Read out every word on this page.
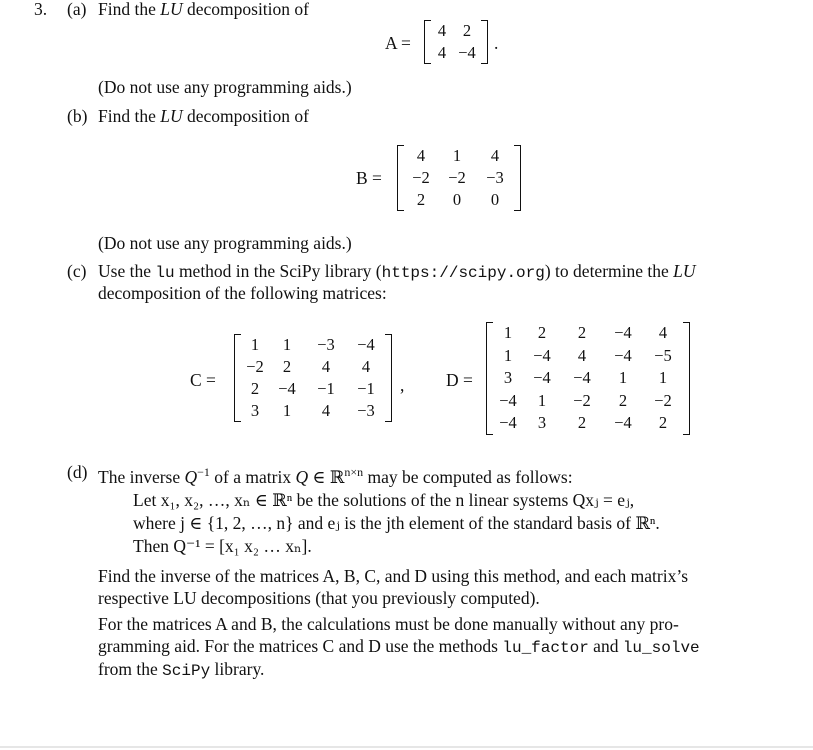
3. (a) Find the LU decomposition of
A =
4	2
4 −4 .
(Do not use any programming aids.)
(b) Find the LU decomposition of
B =
4	1	4
−2	−2	−3
2	0	0
(Do not use any programming aids.)
(c) Use the lu method in the SciPy library (https://scipy.org) to determine the LU
decomposition of the following matrices:
C =
1	1	−3	−4
−2	2	4	4
2	−4	−1	−1
3	1	4	−3
, D =
1	2	2	−4	4
1	−4	4	−4	−5
3	−4	−4	1	1
−4	1	−2	2	−2
−4	3	2	−4	2
(d) The inverse $Q^{-1}$ of a matrix Q ∈ ℝ$^{n\times n}$ may be computed as follows:
Let x₁, x₂, …, xₙ ∈ ℝⁿ be the solutions of the n linear systems Qxⱼ = eⱼ,
where j ∈ {1, 2, …, n} and eⱼ is the jth element of the standard basis of ℝⁿ.
Then Q⁻¹ = [x₁ x₂ … xₙ].
Find the inverse of the matrices A, B, C, and D using this method, and each matrix’s
respective LU decompositions (that you previously computed).
For the matrices A and B, the calculations must be done manually without any pro-
gramming aid. For the matrices C and D use the methods lu_factor and lu_solve
from the SciPy library.
